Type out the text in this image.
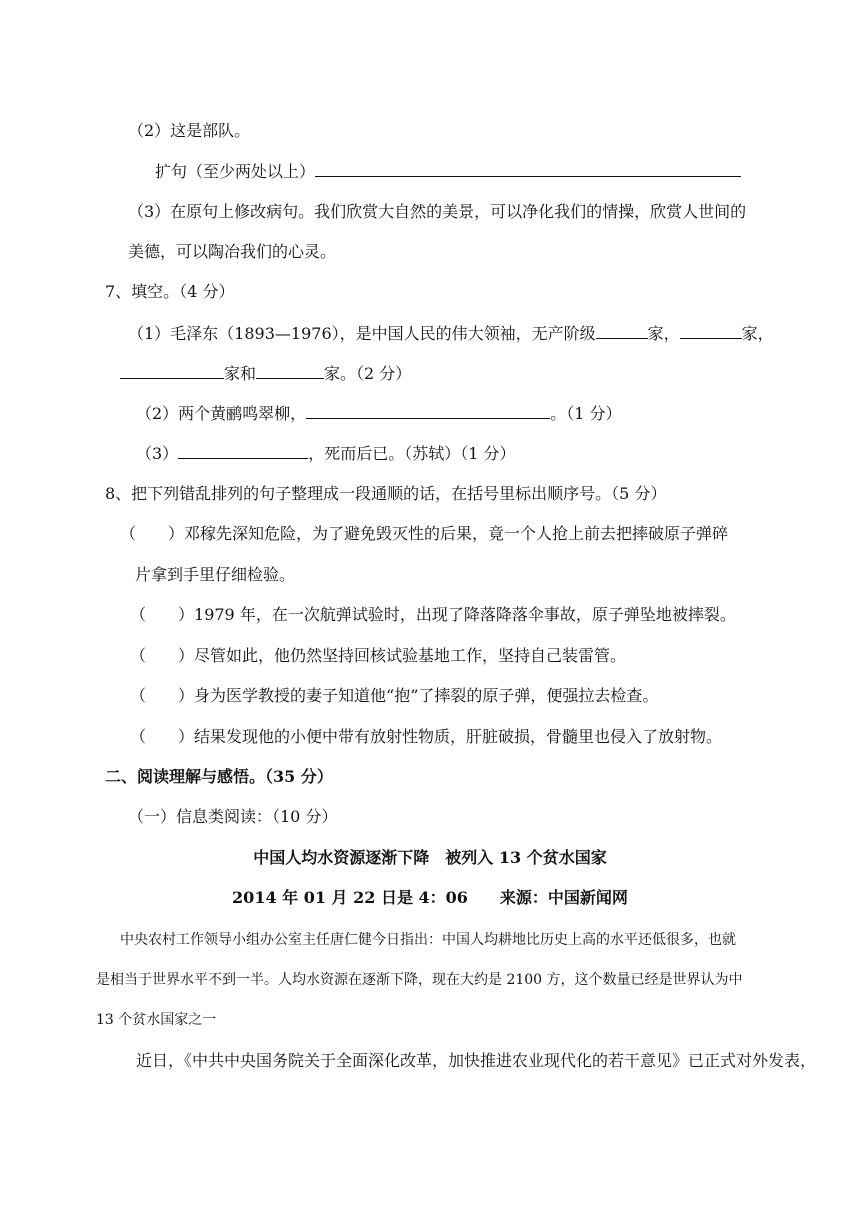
（2）这是部队。
扩句（至少两处以上）
（3）在原句上修改病句。我们欣赏大自然的美景，可以净化我们的情操，欣赏人世间的
美德，可以陶冶我们的心灵。
7、填空。（4 分）
（1）毛泽东（1893—1976），是中国人民的伟大领袖，无产阶级	家，	家，
家和	家。（2 分）
（2）两个黄鹂鸣翠柳，	。（1 分）
（3）	，死而后已。（苏轼）（1 分）
8、把下列错乱排列的句子整理成一段通顺的话，在括号里标出顺序号。（5 分）
（　　）邓稼先深知危险，为了避免毁灭性的后果，竟一个人抢上前去把摔破原子弹碎
片拿到手里仔细检验。
（　　）1979 年，在一次航弹试验时，出现了降落降落伞事故，原子弹坠地被摔裂。
（　　）尽管如此，他仍然坚持回核试验基地工作，坚持自己装雷管。
（　　）身为医学教授的妻子知道他“抱”了摔裂的原子弹，便强拉去检查。
（　　）结果发现他的小便中带有放射性物质，肝脏破损，骨髓里也侵入了放射物。
二、阅读理解与感悟。（35 分）
（一）信息类阅读：（10 分）
中国人均水资源逐渐下降　被列入 13 个贫水国家
2014 年 01 月 22 日是 4：06　　来源：中国新闻网
中央农村工作领导小组办公室主任唐仁健今日指出：中国人均耕地比历史上高的水平还低很多，也就
是相当于世界水平不到一半。人均水资源在逐渐下降，现在大约是 2100 方，这个数量已经是世界认为中
13 个贫水国家之一
近日，《中共中央国务院关于全面深化改革，加快推进农业现代化的若干意见》已正式对外发表，
